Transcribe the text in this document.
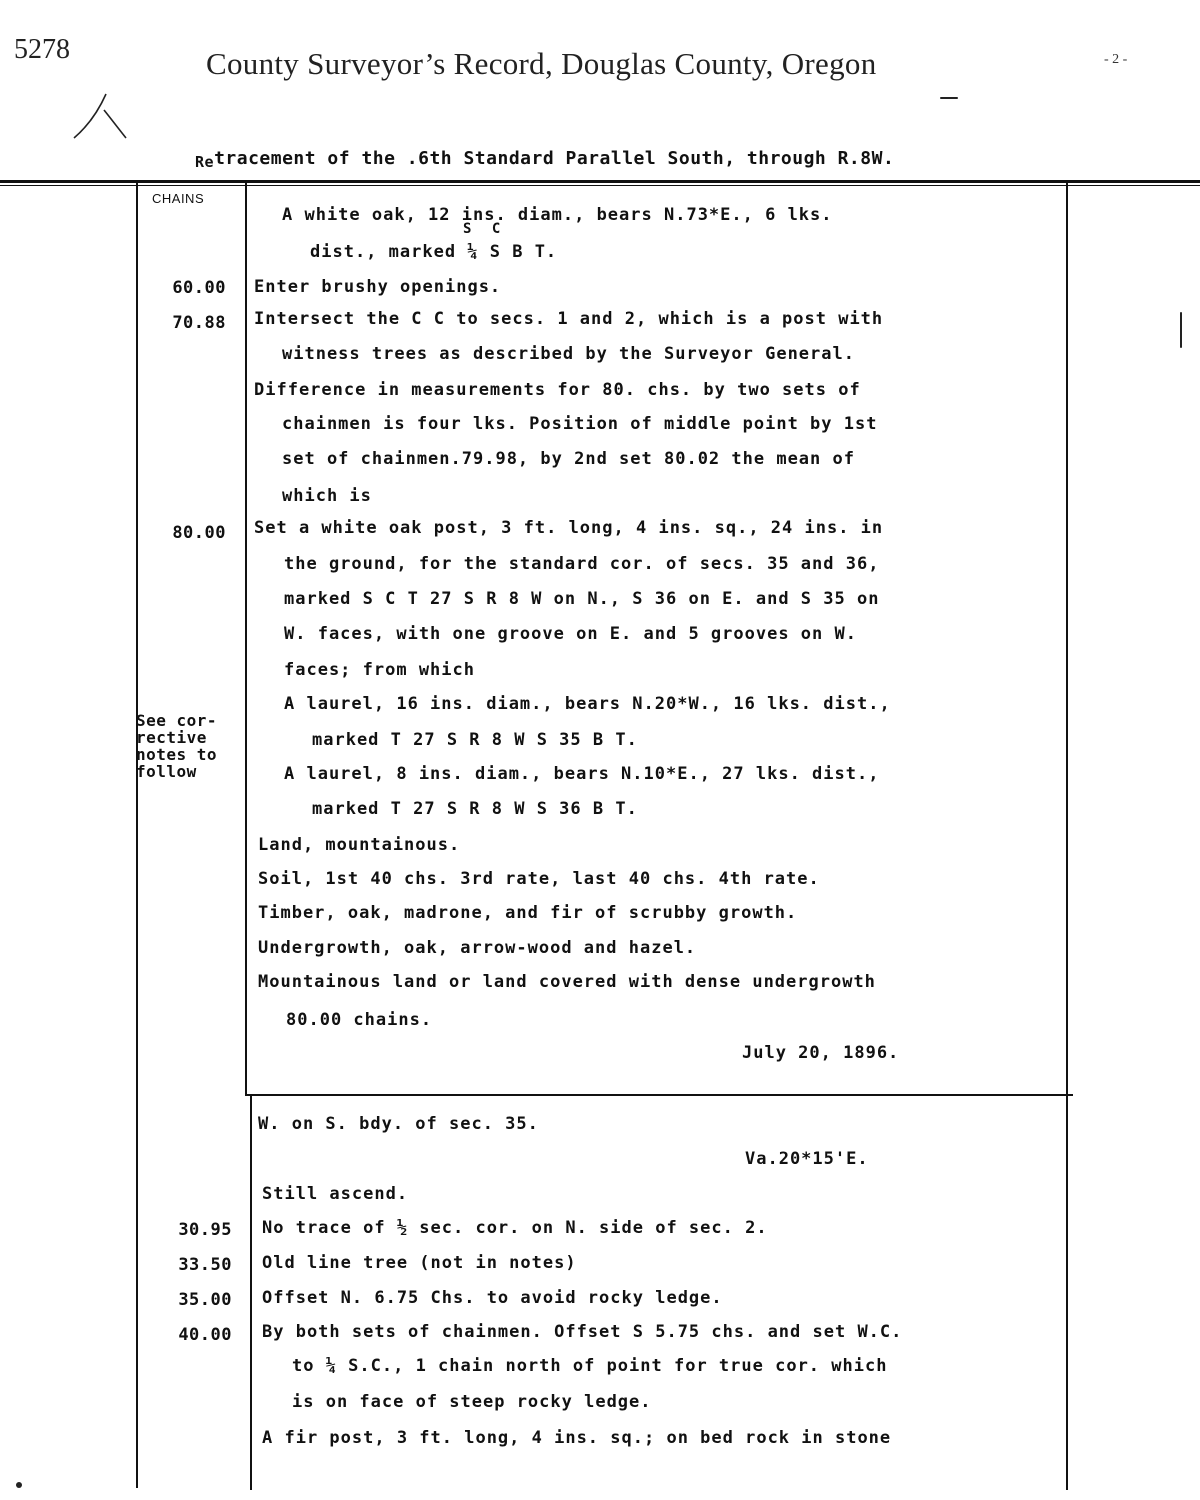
5278	County Surveyor’s Record, Douglas County, Oregon	- 2 -
Retracement of the .6th Standard Parallel South, through R.8W.
CHAINS
See cor-
rective
notes to
follow
S C
A white oak, 12 ins. diam., bears N.73*E., 6 lks.
dist., marked ¼ S B T.
60.00 Enter brushy openings.
70.88 Intersect the C C to secs. 1 and 2, which is a post with
witness trees as described by the Surveyor General.
Difference in measurements for 80. chs. by two sets of
chainmen is four lks. Position of middle point by 1st
set of chainmen.79.98, by 2nd set 80.02 the mean of
which is
80.00 Set a white oak post, 3 ft. long, 4 ins. sq., 24 ins. in
the ground, for the standard cor. of secs. 35 and 36,
marked S C T 27 S R 8 W on N., S 36 on E. and S 35 on
W. faces, with one groove on E. and 5 grooves on W.
faces; from which
A laurel, 16 ins. diam., bears N.20*W., 16 lks. dist.,
marked T 27 S R 8 W S 35 B T.
A laurel, 8 ins. diam., bears N.10*E., 27 lks. dist.,
marked T 27 S R 8 W S 36 B T.
Land, mountainous.
Soil, 1st 40 chs. 3rd rate, last 40 chs. 4th rate.
Timber, oak, madrone, and fir of scrubby growth.
Undergrowth, oak, arrow-wood and hazel.
Mountainous land or land covered with dense undergrowth
80.00 chains.
July 20, 1896.
W. on S. bdy. of sec. 35.
Va.20*15'E.
Still ascend.
30.95 No trace of ½ sec. cor. on N. side of sec. 2.
33.50 Old line tree (not in notes)
35.00 Offset N. 6.75 Chs. to avoid rocky ledge.
40.00 By both sets of chainmen. Offset S 5.75 chs. and set W.C.
to ¼ S.C., 1 chain north of point for true cor. which
is on face of steep rocky ledge.
A fir post, 3 ft. long, 4 ins. sq.; on bed rock in stone
